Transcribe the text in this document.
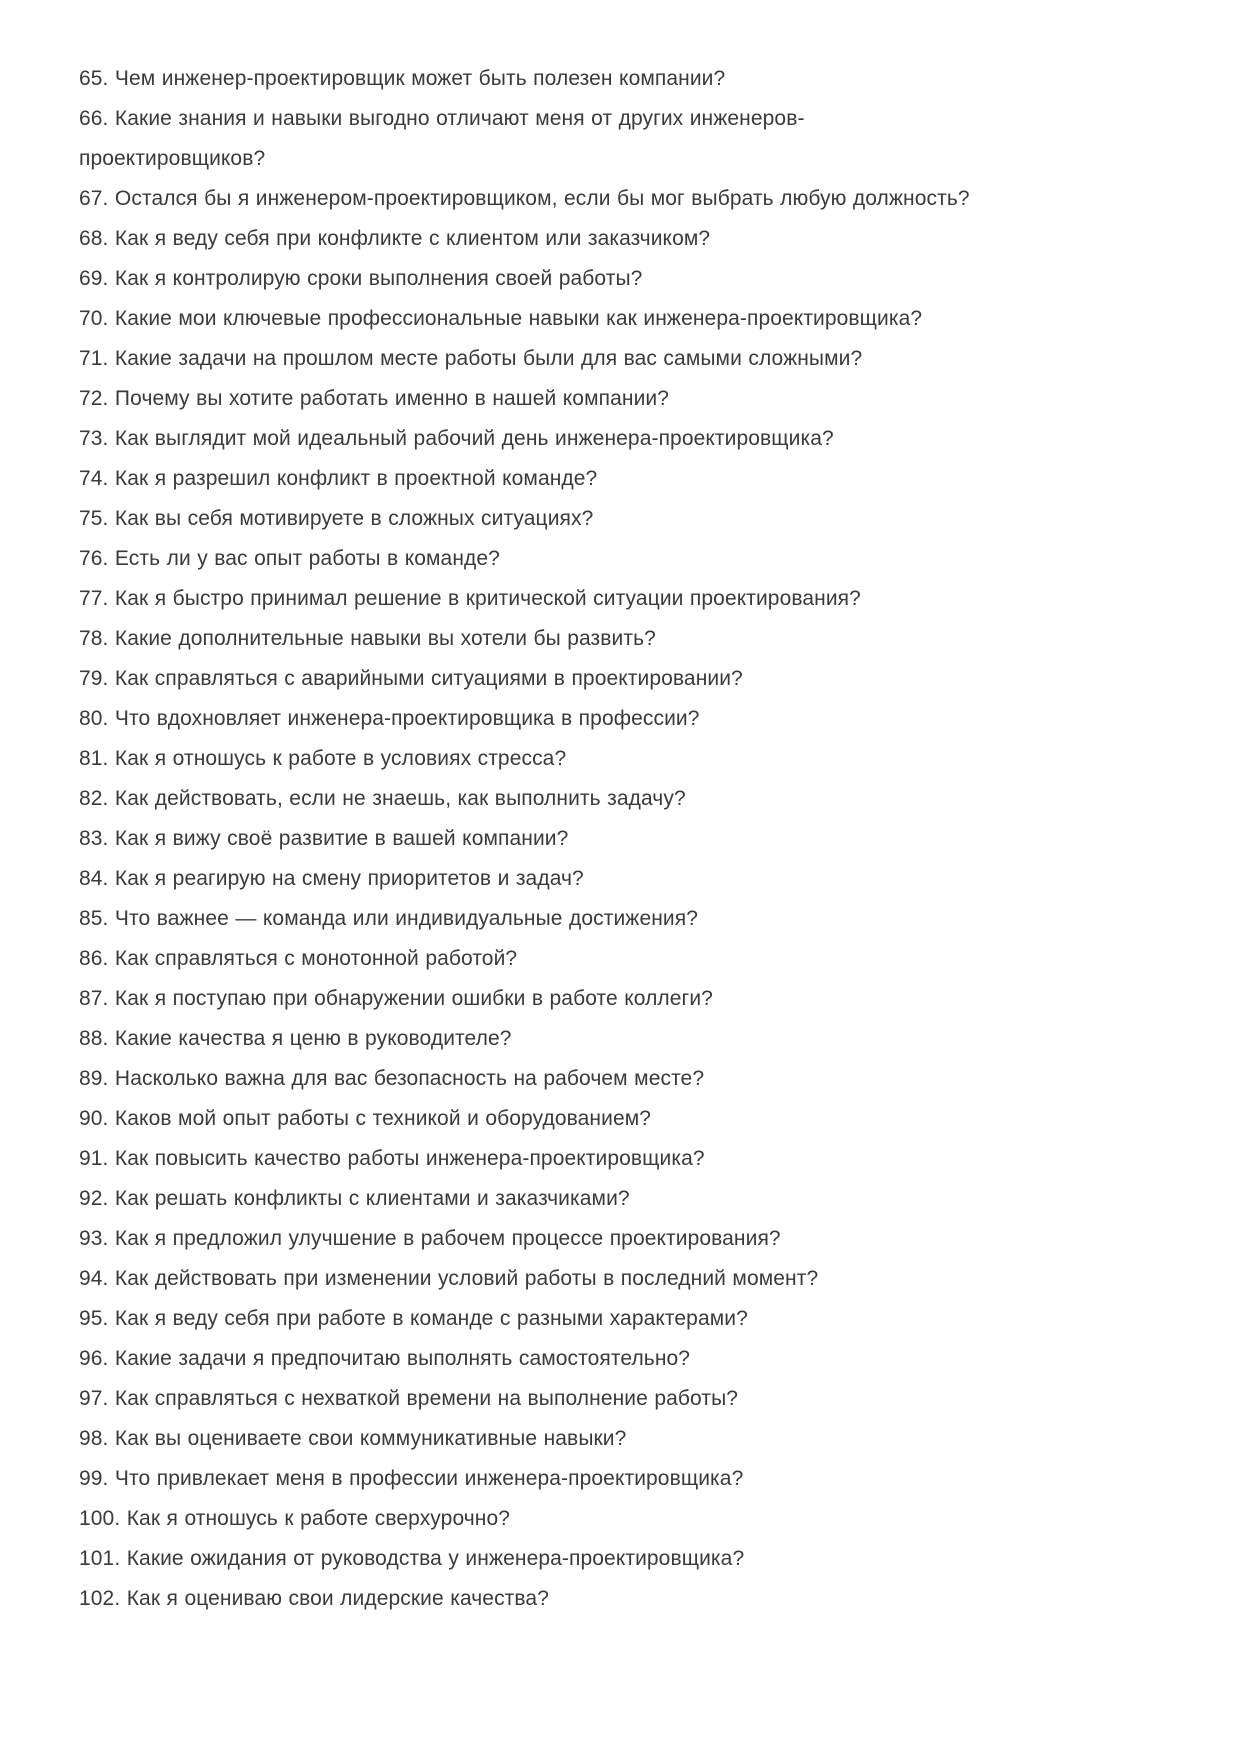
65. Чем инженер-проектировщик может быть полезен компании?

66. Какие знания и навыки выгодно отличают меня от других инженеров-

проектировщиков?

67. Остался бы я инженером-проектировщиком, если бы мог выбрать любую должность?

68. Как я веду себя при конфликте с клиентом или заказчиком?

69. Как я контролирую сроки выполнения своей работы?

70. Какие мои ключевые профессиональные навыки как инженера-проектировщика?

71. Какие задачи на прошлом месте работы были для вас самыми сложными?

72. Почему вы хотите работать именно в нашей компании?

73. Как выглядит мой идеальный рабочий день инженера-проектировщика?

74. Как я разрешил конфликт в проектной команде?

75. Как вы себя мотивируете в сложных ситуациях?

76. Есть ли у вас опыт работы в команде?

77. Как я быстро принимал решение в критической ситуации проектирования?

78. Какие дополнительные навыки вы хотели бы развить?

79. Как справляться с аварийными ситуациями в проектировании?

80. Что вдохновляет инженера-проектировщика в профессии?

81. Как я отношусь к работе в условиях стресса?

82. Как действовать, если не знаешь, как выполнить задачу?

83. Как я вижу своё развитие в вашей компании?

84. Как я реагирую на смену приоритетов и задач?

85. Что важнее — команда или индивидуальные достижения?

86. Как справляться с монотонной работой?

87. Как я поступаю при обнаружении ошибки в работе коллеги?

88. Какие качества я ценю в руководителе?

89. Насколько важна для вас безопасность на рабочем месте?

90. Каков мой опыт работы с техникой и оборудованием?

91. Как повысить качество работы инженера-проектировщика?

92. Как решать конфликты с клиентами и заказчиками?

93. Как я предложил улучшение в рабочем процессе проектирования?

94. Как действовать при изменении условий работы в последний момент?

95. Как я веду себя при работе в команде с разными характерами?

96. Какие задачи я предпочитаю выполнять самостоятельно?

97. Как справляться с нехваткой времени на выполнение работы?

98. Как вы оцениваете свои коммуникативные навыки?

99. Что привлекает меня в профессии инженера-проектировщика?

100. Как я отношусь к работе сверхурочно?

101. Какие ожидания от руководства у инженера-проектировщика?

102. Как я оцениваю свои лидерские качества?
